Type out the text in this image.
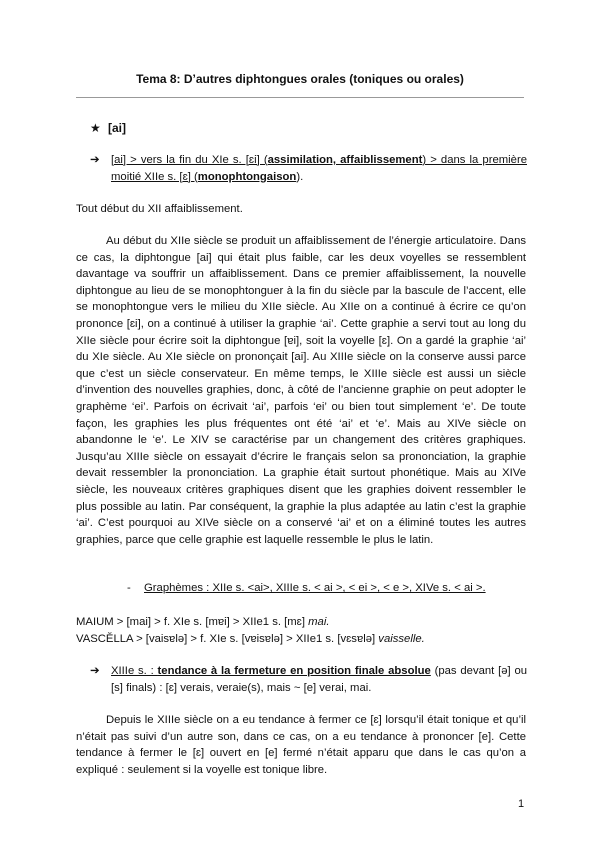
Tema 8: D’autres diphtongues orales (toniques ou orales)
★ [ai]
➔ [ai] > vers la fin du XIe s. [ɛi] (assimilation, affaiblissement) > dans la première moitié XIIe s. [ɛ] (monophtongaison).
Tout début du XII affaiblissement.
Au début du XIIe siècle se produit un affaiblissement de l’énergie articulatoire. Dans ce cas, la diphtongue [ai] qui était plus faible, car les deux voyelles se ressemblent davantage va souffrir un affaiblissement. Dans ce premier affaiblissement, la nouvelle diphtongue au lieu de se monophtonguer à la fin du siècle par la bascule de l’accent, elle se monophtongue vers le milieu du XIIe siècle. Au XIIe on a continué à écrire ce qu’on prononce [ɛi], on a continué à utiliser la graphie ‘ai’. Cette graphie a servi tout au long du XIIe siècle pour écrire soit la diphtongue [ɐi], soit la voyelle [ɛ]. On a gardé la graphie ‘ai’ du XIe siècle. Au XIe siècle on prononçait [ai]. Au XIIIe siècle on la conserve aussi parce que c’est un siècle conservateur. En même temps, le XIIIe siècle est aussi un siècle d’invention des nouvelles graphies, donc, à côté de l’ancienne graphie on peut adopter le graphème ‘ei’. Parfois on écrivait ‘ai’, parfois ‘ei’ ou bien tout simplement ‘e’. De toute façon, les graphies les plus fréquentes ont été ‘ai’ et ‘e’. Mais au XIVe siècle on abandonne le ‘e’. Le XIV se caractérise par un changement des critères graphiques. Jusqu’au XIIIe siècle on essayait d’écrire le français selon sa prononciation, la graphie devait ressembler la prononciation. La graphie était surtout phonétique. Mais au XIVe siècle, les nouveaux critères graphiques disent que les graphies doivent ressembler le plus possible au latin. Par conséquent, la graphie la plus adaptée au latin c’est la graphie ‘ai’. C’est pourquoi au XIVe siècle on a conservé ‘ai’ et on a éliminé toutes les autres graphies, parce que celle graphie est laquelle ressemble le plus le latin.
- Graphèmes : XIIe s. <ai>, XIIIe s. < ai >, < ei >, < e >, XIVe s. < ai >.
MAIUM > [mai] > f. XIe s. [mɐi] > XIIe1 s. [mɛ] mai.
VASCĔLLA > [vaisɐlǝ] > f. XIe s. [vɐisɐlǝ] > XIIe1 s. [vɛsɐlǝ] vaisselle.
➔ XIIIe s. : tendance à la fermeture en position finale absolue (pas devant [ǝ] ou [s] finals) : [ɛ] verais, veraie(s), mais ~ [e] verai, mai.
Depuis le XIIIe siècle on a eu tendance à fermer ce [ɛ] lorsqu’il était tonique et qu’il n’était pas suivi d’un autre son, dans ce cas, on a eu tendance à prononcer [e]. Cette tendance à fermer le [ɛ] ouvert en [e] fermé n’était apparu que dans le cas qu’on a expliqué : seulement si la voyelle est tonique libre.
1
